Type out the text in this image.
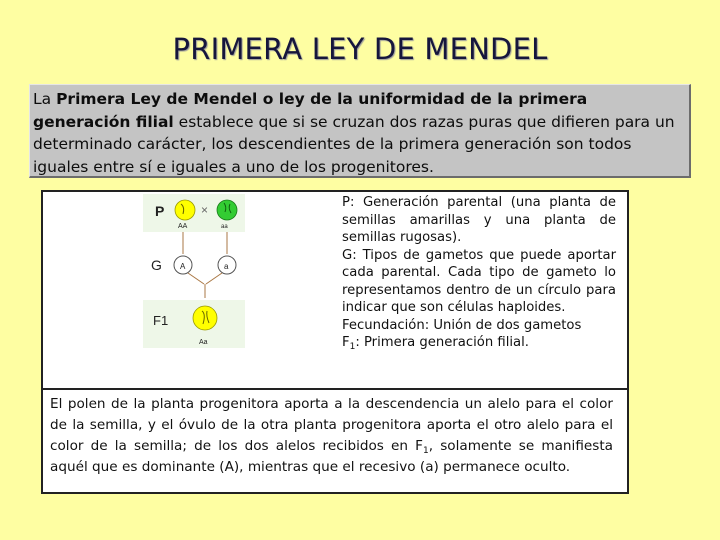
PRIMERA LEY DE MENDEL
La Primera Ley de Mendel o ley de la uniformidad de la primera generación filial establece que si se cruzan dos razas puras que difieren para un determinado carácter, los descendientes de la primera generación son todos iguales entre sí e iguales a uno de los progenitores.
P	×
AA	aa
G A	a
F1
Aa

P: Generación parental (una planta de semillas amarillas y una planta de semillas rugosas).

G: Tipos de gametos que puede aportar cada parental. Cada tipo de gameto lo representamos dentro de un círculo para indicar que son células haploides.

Fecundación: Unión de dos gametos

$F_1$: Primera generación filial.

El polen de la planta progenitora aporta a la descendencia un alelo para el color de la semilla, y el óvulo de la otra planta progenitora aporta el otro alelo para el color de la semilla; de los dos alelos recibidos en $F_1$, solamente se manifiesta aquél que es dominante (A), mientras que el recesivo (a) permanece oculto.
